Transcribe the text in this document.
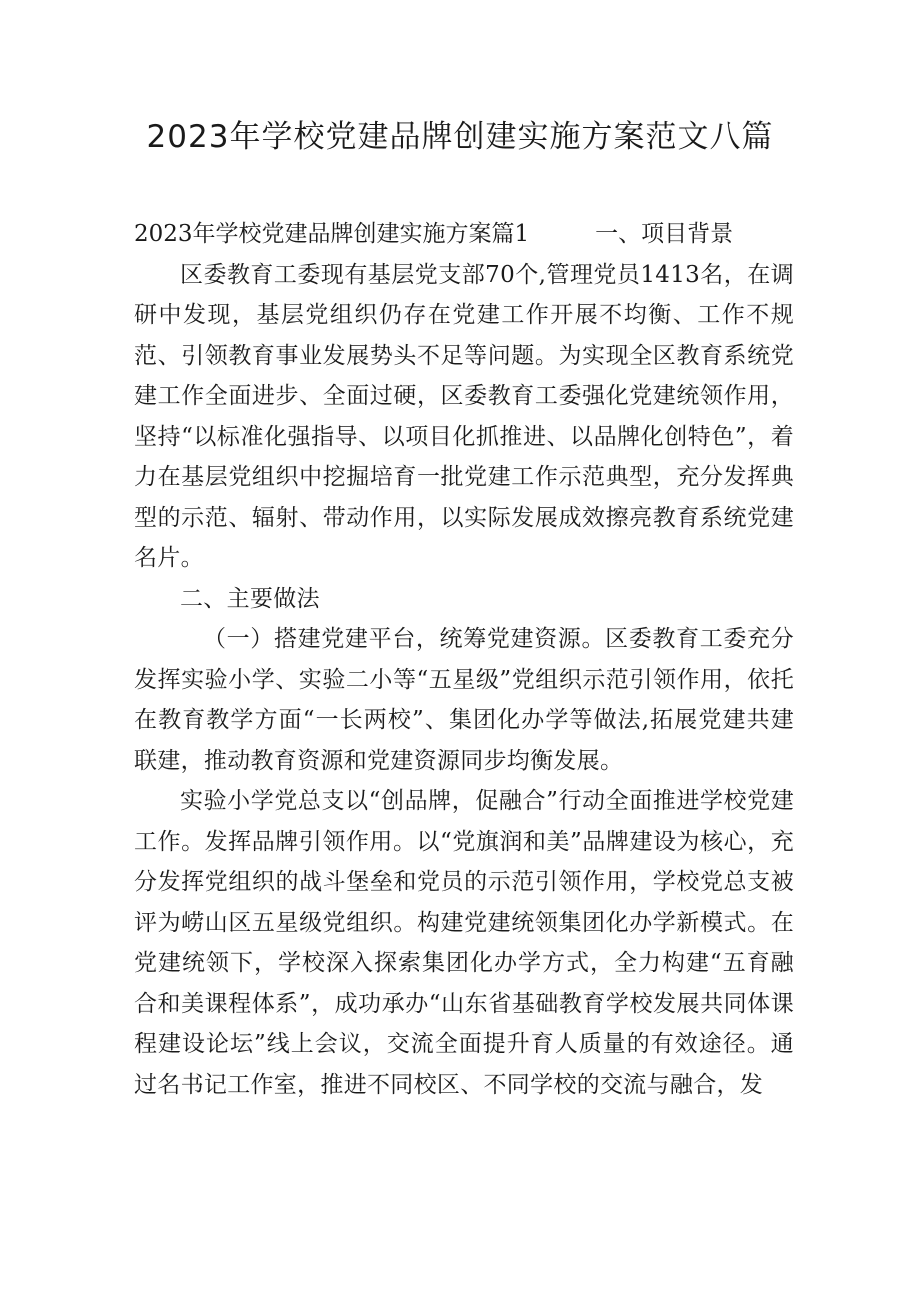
2023年学校党建品牌创建实施方案范文八篇
2023年学校党建品牌创建实施方案篇1	一、项目背景

区委教育工委现有基层党支部70个,管理党员1413名，在调研中发现，基层党组织仍存在党建工作开展不均衡、工作不规范、引领教育事业发展势头不足等问题。为实现全区教育系统党建工作全面进步、全面过硬，区委教育工委强化党建统领作用，坚持“以标准化强指导、以项目化抓推进、以品牌化创特色”，着力在基层党组织中挖掘培育一批党建工作示范典型，充分发挥典型的示范、辐射、带动作用，以实际发展成效擦亮教育系统党建名片。

二、主要做法

（一）搭建党建平台，统筹党建资源。区委教育工委充分发挥实验小学、实验二小等“五星级”党组织示范引领作用，依托在教育教学方面“一长两校”、集团化办学等做法,拓展党建共建联建，推动教育资源和党建资源同步均衡发展。

实验小学党总支以“创品牌，促融合”行动全面推进学校党建工作。发挥品牌引领作用。以“党旗润和美”品牌建设为核心，充分发挥党组织的战斗堡垒和党员的示范引领作用，学校党总支被评为崂山区五星级党组织。构建党建统领集团化办学新模式。在党建统领下，学校深入探索集团化办学方式，全力构建“五育融合和美课程体系”，成功承办“山东省基础教育学校发展共同体课程建设论坛”线上会议，交流全面提升育人质量的有效途径。通过名书记工作室，推进不同校区、不同学校的交流与融合，发
